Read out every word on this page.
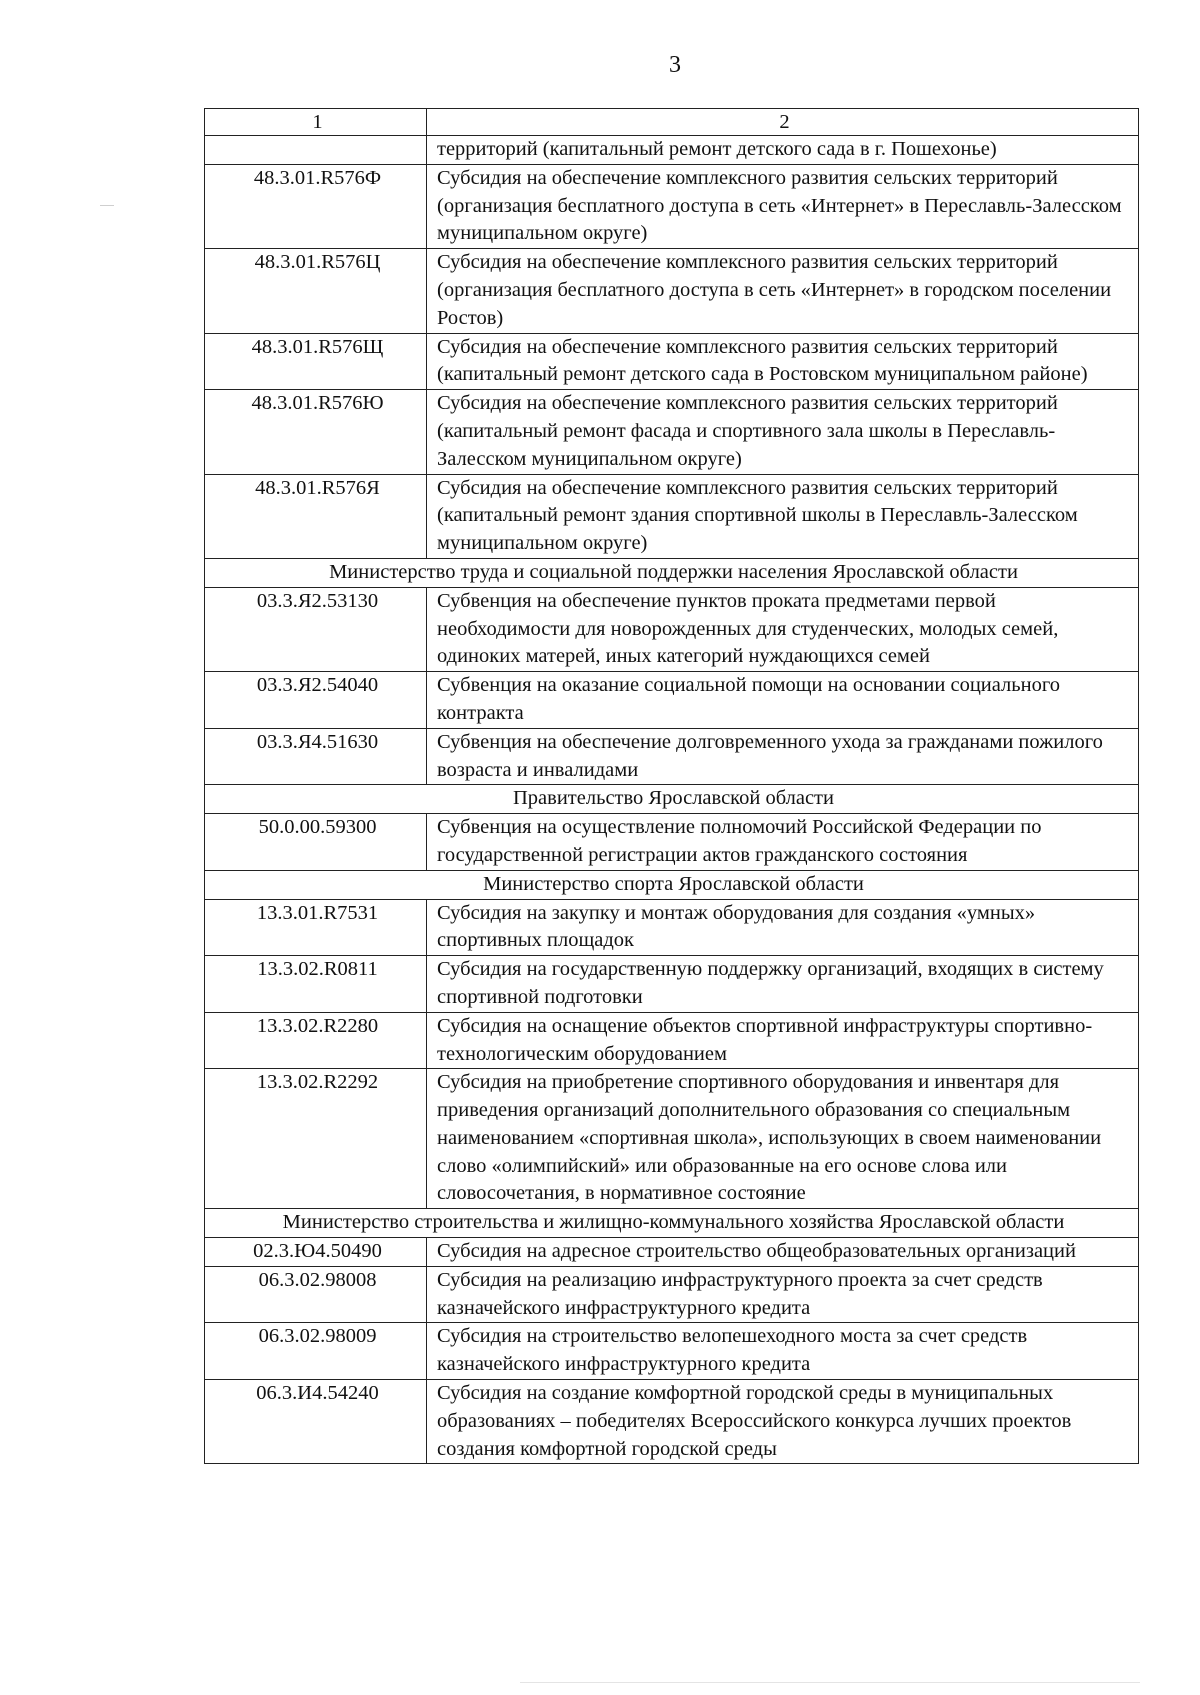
3
1	2
	территорий (капитальный ремонт детского сада в г. Пошехонье)
48.3.01.R576Ф	Субсидия на обеспечение комплексного развития сельских территорий (организация бесплатного доступа в сеть «Интернет» в Переславль-Залесском муниципальном округе)
48.3.01.R576Ц	Субсидия на обеспечение комплексного развития сельских территорий (организация бесплатного доступа в сеть «Интернет» в городском поселении Ростов)
48.3.01.R576Щ	Субсидия на обеспечение комплексного развития сельских территорий (капитальный ремонт детского сада в Ростовском муниципальном районе)
48.3.01.R576Ю	Субсидия на обеспечение комплексного развития сельских территорий (капитальный ремонт фасада и спортивного зала школы в Переславль-Залесском муниципальном округе)
48.3.01.R576Я	Субсидия на обеспечение комплексного развития сельских территорий (капитальный ремонт здания спортивной школы в Переславль-Залесском муниципальном округе)
Министерство труда и социальной поддержки населения Ярославской области	
03.3.Я2.53130	Субвенция на обеспечение пунктов проката предметами первой необходимости для новорожденных для студенческих, молодых семей, одиноких матерей, иных категорий нуждающихся семей
03.3.Я2.54040	Субвенция на оказание социальной помощи на основании социального контракта
03.3.Я4.51630	Субвенция на обеспечение долговременного ухода за гражданами пожилого возраста и инвалидами
Правительство Ярославской области	
50.0.00.59300	Субвенция на осуществление полномочий Российской Федерации по государственной регистрации актов гражданского состояния
Министерство спорта Ярославской области	
13.3.01.R7531	Субсидия на закупку и монтаж оборудования для создания «умных» спортивных площадок
13.3.02.R0811	Субсидия на государственную поддержку организаций, входящих в систему спортивной подготовки
13.3.02.R2280	Субсидия на оснащение объектов спортивной инфраструктуры спортивно-технологическим оборудованием
13.3.02.R2292	Субсидия на приобретение спортивного оборудования и инвентаря для приведения организаций дополнительного образования со специальным наименованием «спортивная школа», использующих в своем наименовании слово «олимпийский» или образованные на его основе слова или словосочетания, в нормативное состояние
Министерство строительства и жилищно-коммунального хозяйства Ярославской области	
02.3.Ю4.50490	Субсидия на адресное строительство общеобразовательных организаций
06.3.02.98008	Субсидия на реализацию инфраструктурного проекта за счет средств казначейского инфраструктурного кредита
06.3.02.98009	Субсидия на строительство велопешеходного моста за счет средств казначейского инфраструктурного кредита
06.3.И4.54240	Субсидия на создание комфортной городской среды в муниципальных образованиях – победителях Всероссийского конкурса лучших проектов создания комфортной городской среды
